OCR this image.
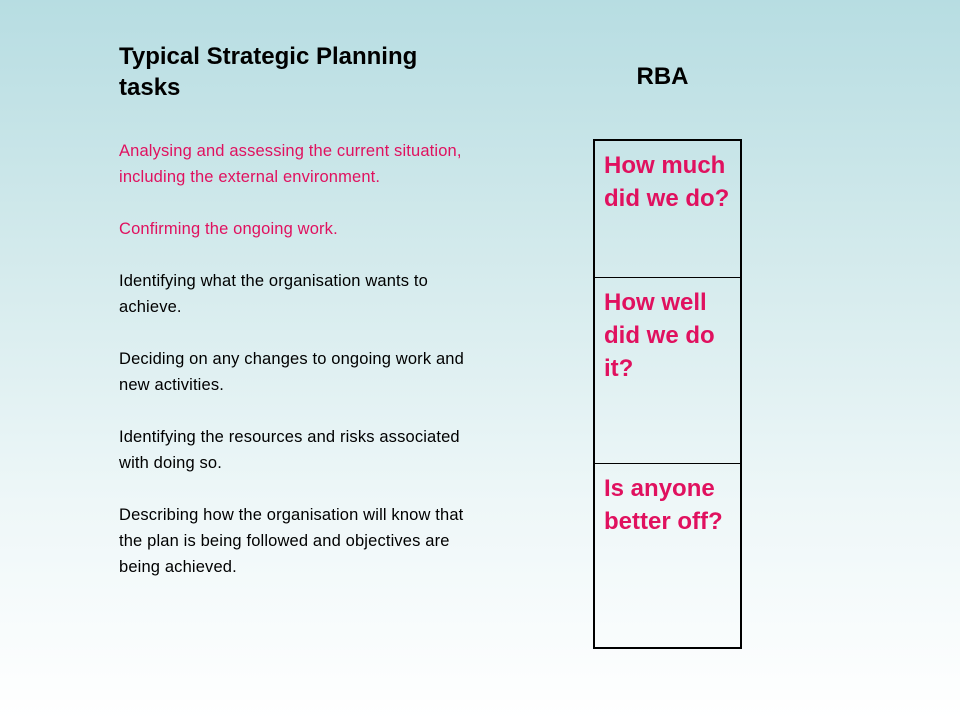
Typical Strategic Planning tasks
Analysing and assessing the current situation, including the external environment.
Confirming the ongoing work.
Identifying what the organisation wants to achieve.
Deciding on any changes to ongoing work and new activities.
Identifying the resources and risks associated with doing so.
Describing how the organisation will know that the plan is being followed and objectives are being achieved.
RBA
How much did we do?
How well did we do it?
Is anyone better off?
